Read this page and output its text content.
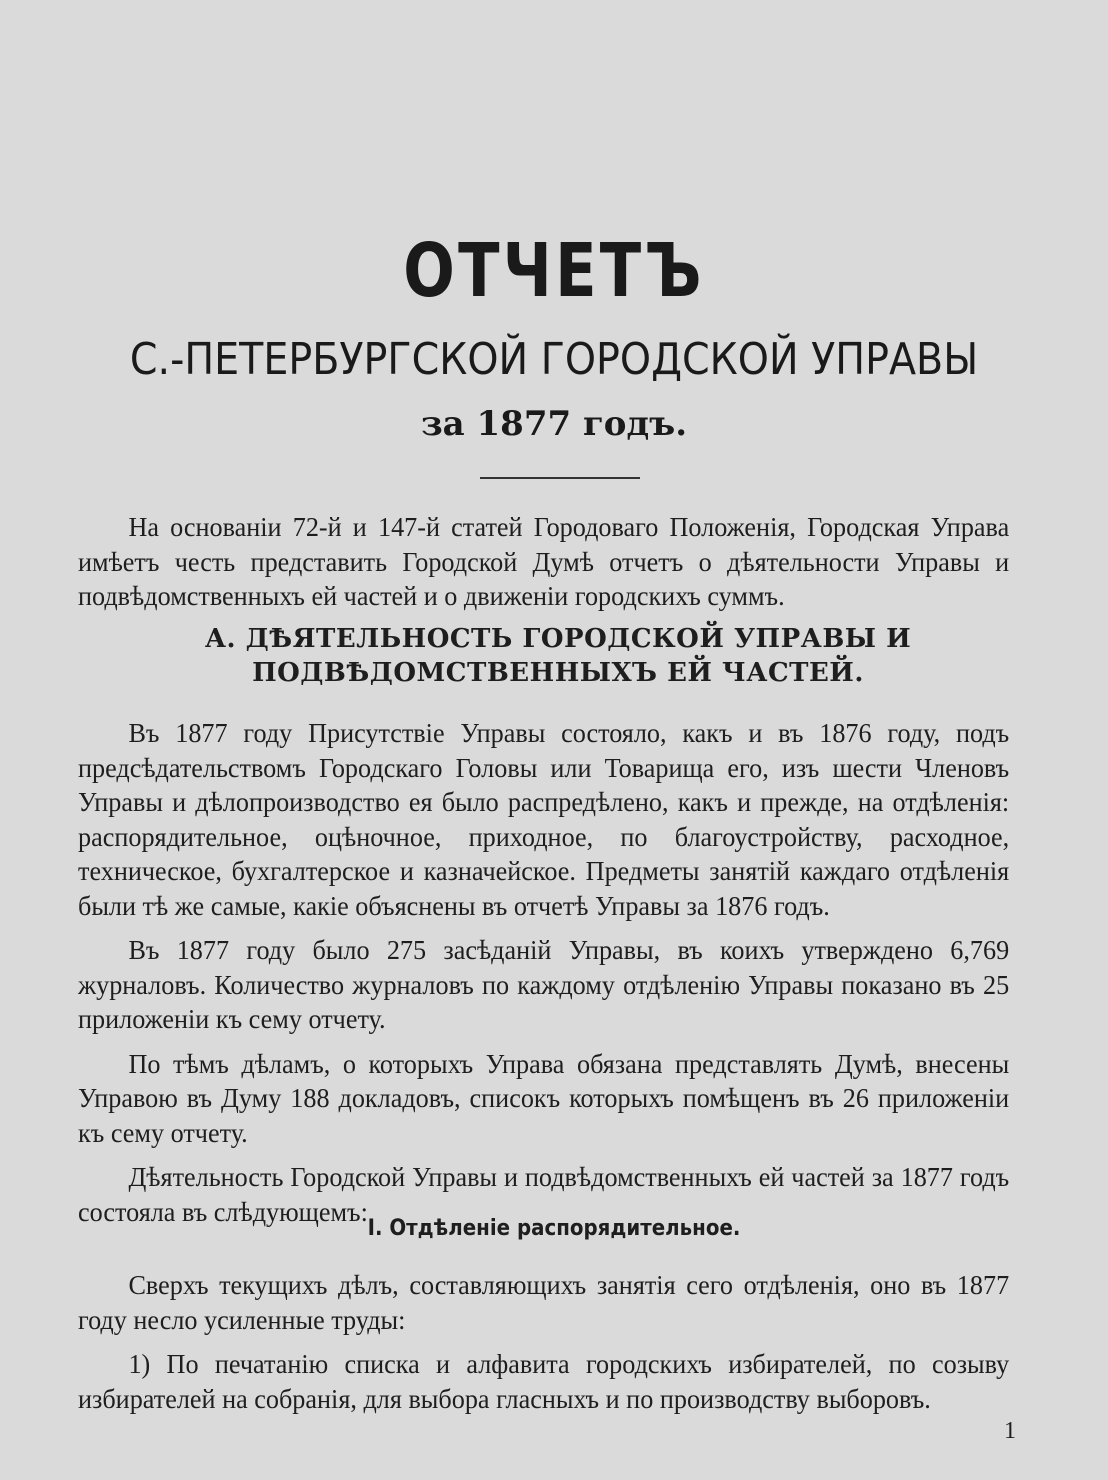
ОТЧЕТЪ
С.-ПЕТЕРБУРГСКОЙ ГОРОДСКОЙ УПРАВЫ
за 1877 годъ.

На основанiи 72-й и 147-й статей Городоваго Положенiя, Городская Управа имѣетъ честь представить Городской Думѣ отчетъ о дѣятельности Управы и подвѣдомственныхъ ей частей и о движенiи городскихъ суммъ.

А. ДѢЯТЕЛЬНОСТЬ ГОРОДСКОЙ УПРАВЫ И ПОДВѢДОМСТВЕННЫХЪ ЕЙ ЧАСТЕЙ.

Въ 1877 году Присутствiе Управы состояло, какъ и въ 1876 году, подъ предсѣдательствомъ Городскаго Головы или Товарища его, изъ шести Членовъ Управы и дѣлопроизводство ея было распредѣлено, какъ и прежде, на отдѣленiя: распорядительное, оцѣночное, приходное, по благоустройству, расходное, техническое, бухгалтерское и казначейское. Предметы занятiй каждаго отдѣленiя были тѣ же самые, какiе объяснены въ отчетѣ Управы за 1876 годъ.

Въ 1877 году было 275 засѣданiй Управы, въ коихъ утверждено 6,769 журналовъ. Количество журналовъ по каждому отдѣленiю Управы показано въ 25 приложенiи къ сему отчету.

По тѣмъ дѣламъ, о которыхъ Управа обязана представлять Думѣ, внесены Управою въ Думу 188 докладовъ, списокъ которыхъ помѣщенъ въ 26 приложенiи къ сему отчету.

Дѣятельность Городской Управы и подвѣдомственныхъ ей частей за 1877 годъ состояла въ слѣдующемъ:

I. Отдѣленiе распорядительное.

Сверхъ текущихъ дѣлъ, составляющихъ занятiя сего отдѣленiя, оно въ 1877 году несло усиленные труды:

1) По печатанiю списка и алфавита городскихъ избирателей, по созыву избирателей на собранiя, для выбора гласныхъ и по производству выборовъ.

1
